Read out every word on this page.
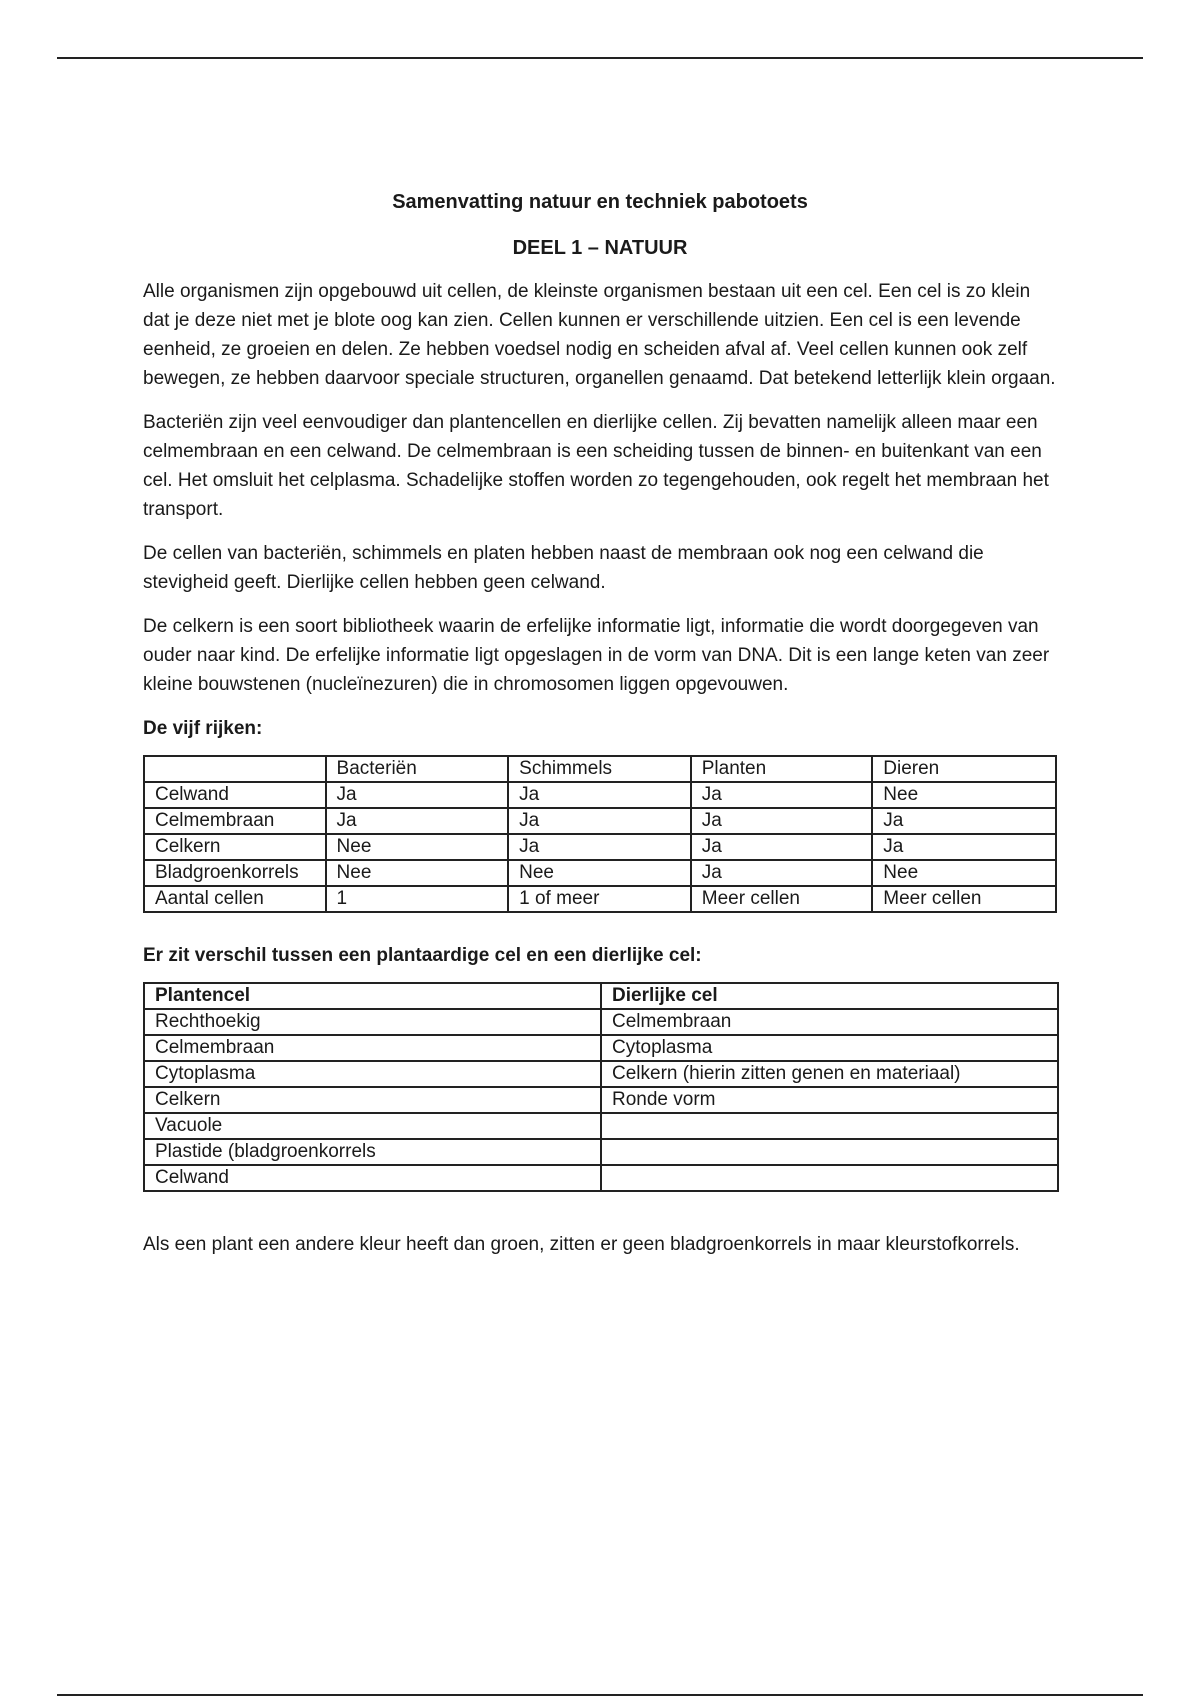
Samenvatting natuur en techniek pabotoets
DEEL 1 – NATUUR

Alle organismen zijn opgebouwd uit cellen, de kleinste organismen bestaan uit een cel. Een cel is zo klein dat je deze niet met je blote oog kan zien. Cellen kunnen er verschillende uitzien. Een cel is een levende eenheid, ze groeien en delen. Ze hebben voedsel nodig en scheiden afval af. Veel cellen kunnen ook zelf bewegen, ze hebben daarvoor speciale structuren, organellen genaamd. Dat betekend letterlijk klein orgaan.

Bacteriën zijn veel eenvoudiger dan plantencellen en dierlijke cellen. Zij bevatten namelijk alleen maar een celmembraan en een celwand. De celmembraan is een scheiding tussen de binnen- en buitenkant van een cel. Het omsluit het celplasma. Schadelijke stoffen worden zo tegengehouden, ook regelt het membraan het transport.

De cellen van bacteriën, schimmels en platen hebben naast de membraan ook nog een celwand die stevigheid geeft. Dierlijke cellen hebben geen celwand.

De celkern is een soort bibliotheek waarin de erfelijke informatie ligt, informatie die wordt doorgegeven van ouder naar kind. De erfelijke informatie ligt opgeslagen in de vorm van DNA. Dit is een lange keten van zeer kleine bouwstenen (nucleïnezuren) die in chromosomen liggen opgevouwen.

De vijf rijken:
	Bacteriën	Schimmels	Planten	Dieren
Celwand	Ja	Ja	Ja	Nee
Celmembraan	Ja	Ja	Ja	Ja
Celkern	Nee	Ja	Ja	Ja
Bladgroenkorrels	Nee	Nee	Ja	Nee
Aantal cellen	1	1 of meer	Meer cellen	Meer cellen
Er zit verschil tussen een plantaardige cel en een dierlijke cel:
Plantencel	Dierlijke cel
Rechthoekig	Celmembraan
Celmembraan	Cytoplasma
Cytoplasma	Celkern (hierin zitten genen en materiaal)
Celkern	Ronde vorm
Vacuole	
Plastide (bladgroenkorrels	
Celwand	

Als een plant een andere kleur heeft dan groen, zitten er geen bladgroenkorrels in maar kleurstofkorrels.
